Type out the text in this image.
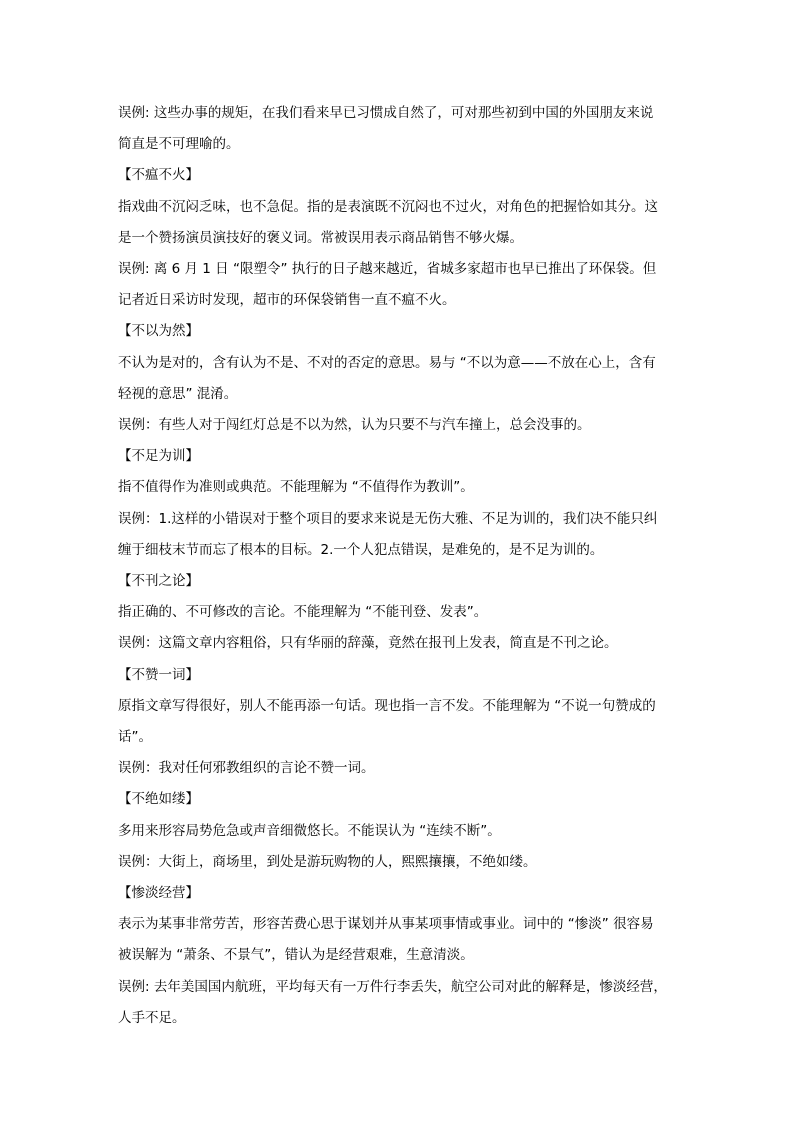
误例: 这些办事的规矩，在我们看来早已习惯成自然了，可对那些初到中国的外国朋友来说
简直是不可理喻的。
【不瘟不火】
指戏曲不沉闷乏味，也不急促。指的是表演既不沉闷也不过火，对角色的把握恰如其分。这
是一个赞扬演员演技好的褒义词。常被误用表示商品销售不够火爆。
误例: 离 6 月 1 日 “限塑令” 执行的日子越来越近，省城多家超市也早已推出了环保袋。但
记者近日采访时发现，超市的环保袋销售一直不瘟不火。
【不以为然】
不认为是对的，含有认为不是、不对的否定的意思。易与 “不以为意——不放在心上，含有
轻视的意思” 混淆。
误例：有些人对于闯红灯总是不以为然，认为只要不与汽车撞上，总会没事的。
【不足为训】
指不值得作为准则或典范。不能理解为 “不值得作为教训”。
误例：1.这样的小错误对于整个项目的要求来说是无伤大雅、不足为训的，我们决不能只纠
缠于细枝末节而忘了根本的目标。2.一个人犯点错误，是难免的，是不足为训的。
【不刊之论】
指正确的、不可修改的言论。不能理解为 “不能刊登、发表”。
误例：这篇文章内容粗俗，只有华丽的辞藻，竟然在报刊上发表，简直是不刊之论。
【不赞一词】
原指文章写得很好，别人不能再添一句话。现也指一言不发。不能理解为 “不说一句赞成的
话”。
误例：我对任何邪教组织的言论不赞一词。
【不绝如缕】
多用来形容局势危急或声音细微悠长。不能误认为 “连续不断”。
误例：大街上，商场里，到处是游玩购物的人，熙熙攘攘，不绝如缕。
【惨淡经营】
表示为某事非常劳苦，形容苦费心思于谋划并从事某项事情或事业。词中的 “惨淡” 很容易
被误解为 “萧条、不景气”，错认为是经营艰难，生意清淡。
误例: 去年美国国内航班，平均每天有一万件行李丢失，航空公司对此的解释是，惨淡经营，
人手不足。
